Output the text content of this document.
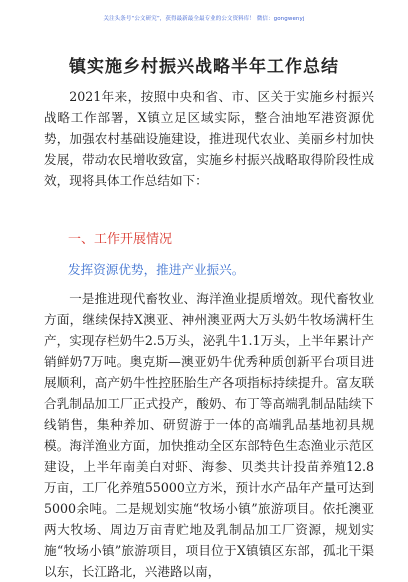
关注头条号“公文研究”，获得最新最全最专业的公文资料库！ 微信：gongwenyj
镇实施乡村振兴战略半年工作总结

2021年来，按照中央和省、市、区关于实施乡村振兴战略工作部署，X镇立足区域实际，整合油地军港资源优势，加强农村基础设施建设，推进现代农业、美丽乡村加快发展，带动农民增收致富，实施乡村振兴战略取得阶段性成效，现将具体工作总结如下：

一、工作开展情况
发挥资源优势，推进产业振兴。

一是推进现代畜牧业、海洋渔业提质增效。现代畜牧业方面，继续保持X澳亚、神州澳亚两大万头奶牛牧场满杆生产，实现存栏奶牛2.5万头，泌乳牛1.1万头，上半年累计产销鲜奶7万吨。奥克斯—澳亚奶牛优秀种质创新平台项目进展顺利，高产奶牛性控胚胎生产各项指标持续提升。富友联合乳制品加工厂正式投产，酸奶、布丁等高端乳制品陆续下线销售，集种养加、研贸游于一体的高端乳品基地初具规模。海洋渔业方面，加快推动全区东部特色生态渔业示范区建设，上半年南美白对虾、海参、贝类共计投苗养殖12.8万亩，工厂化养殖55000立方米，预计水产品年产量可达到5000余吨。二是规划实施“牧场小镇”旅游项目。依托澳亚两大牧场、周边万亩青贮地及乳制品加工厂资源，规划实施“牧场小镇”旅游项目，项目位于X镇镇区东部，孤北干渠以东，长江路北，兴港路以南，
